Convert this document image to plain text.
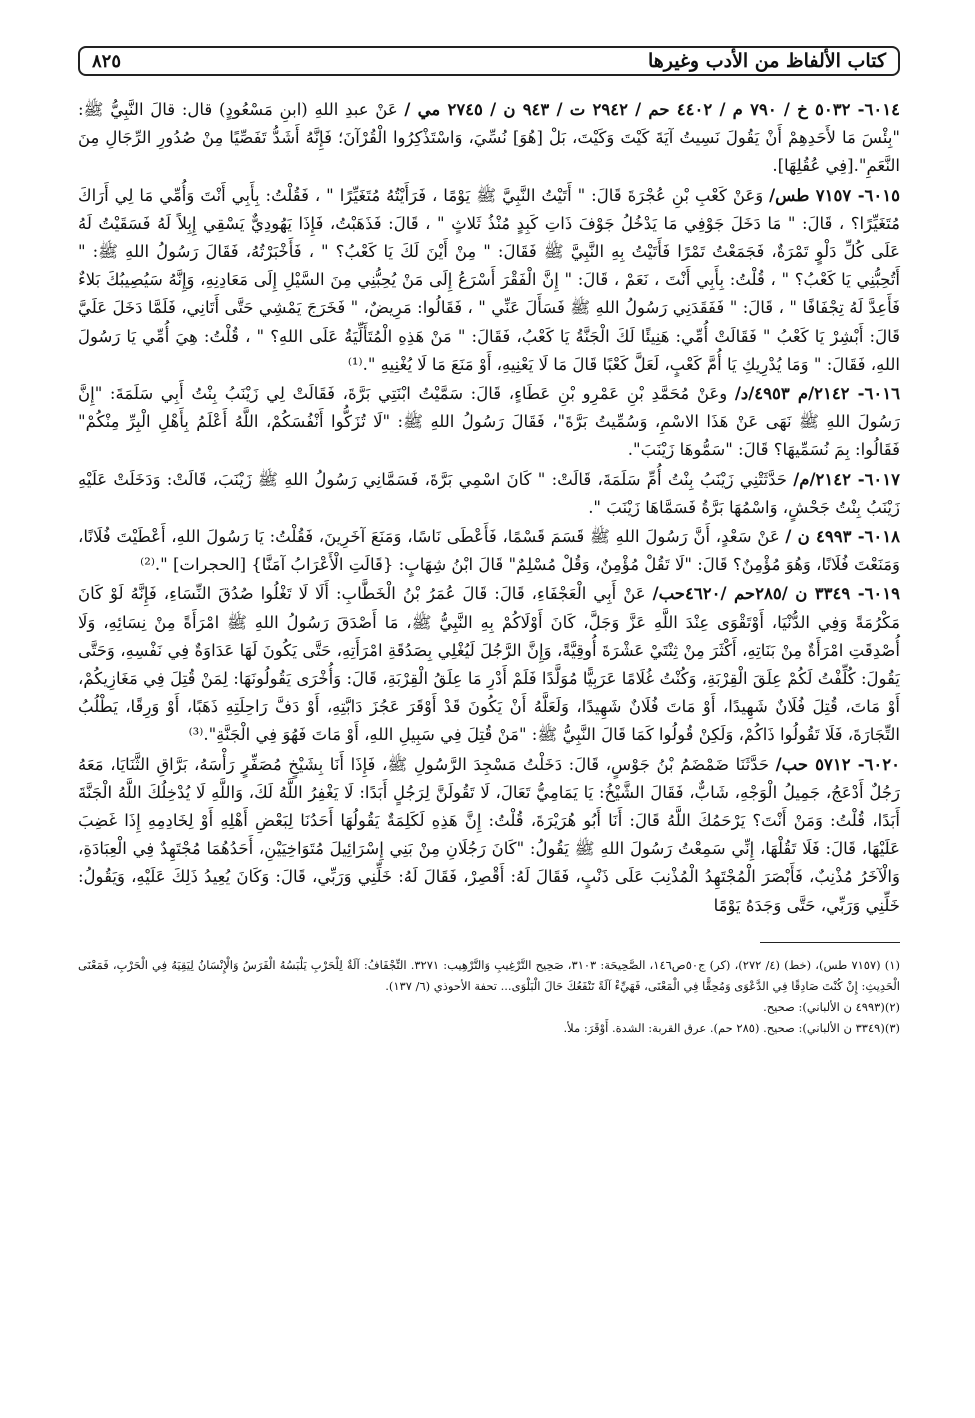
كتاب الألفاظ من الأدب وغيرها
٨٢٥

٦٠١٤- ٥٠٣٢ خ / ٧٩٠ م / ٤٤٠٢ حم / ٢٩٤٢ ت / ٩٤٣ ن / ٢٧٤٥ مي / عَنْ عبدِ اللهِ (ابنِ مَسْعُودٍ) قال: قالَ النَّبِيُّ ﷺ: "بِئْسَ مَا لأَحَدِهِمْ أَنْ يَقُولَ نَسِيتُ آيَةَ كَيْتَ وَكَيْتَ، بَلْ [هُوَ] نُسِّيَ، وَاسْتَذْكِرُوا الْقُرْآنَ؛ فَإِنَّهُ أَشَدُّ تَفَصِّيًا مِنْ صُدُورِ الرِّجَالِ مِنَ النَّعَمِ".[فِي عُقُلِهَا].

٦٠١٥- ٧١٥٧ طس/ وَعَنْ كَعْبِ بْنِ عُجْرَةَ قَالَ: " أَتَيْتُ النَّبِيَّ ﷺ يَوْمًا ، فَرَأَيْتُهُ مُتَغَيِّرًا " ، فَقُلْتُ: بِأَبِي أَنْتَ وَأُمِّي مَا لِي أَرَاكَ مُتَغَيِّرًا؟ ، قَالَ: " مَا دَخَلَ جَوْفِي مَا يَدْخُلُ جَوْفَ ذَاتِ كَبِدٍ مُنْذُ ثَلاثٍ " ، قَالَ: فَذَهَبْتُ، فَإِذَا يَهُودِيٌّ يَسْقِي إِبِلاً لَهُ فَسَقَيْتُ لَهُ عَلَى كُلِّ دَلْوٍ تَمْرَةٌ، فَجَمَعْتُ تَمْرًا فَأَتَيْتُ بِهِ النَّبِيَّ ﷺ فَقَالَ: " مِنْ أَيْنَ لَكَ يَا كَعْبُ؟ " ، فَأَخْبَرْتُهُ، فَقَالَ رَسُولُ اللهِ ﷺ: " أَتُحِبُّنِي يَا كَعْبُ؟ " ، قُلْتُ: بِأَبِي أَنْتَ ، نَعَمْ ، قَالَ: " إِنَّ الْفَقْرَ أَسْرَعُ إِلَى مَنْ يُحِبُّنِي مِنَ السَّيْلِ إِلَى مَعَادِنِهِ، وَإِنَّهُ سَيُصِيبُكَ بَلاءٌ فَأَعِدَّ لَهُ تِجْفَافًا " ، قَالَ: " فَفَقَدَنِي رَسُولُ اللهِ ﷺ فَسَأَلَ عَنِّي " ، فَقَالُوا: مَرِيضٌ، " فَخَرَجَ يَمْشِي حَتَّى أَتَانِي، فَلَمَّا دَخَلَ عَلَيَّ قَالَ: أَبْشِرْ يَا كَعْبُ " فَقَالَتْ أُمِّي: هَنِيئًا لَكَ الْجَنَّةُ يَا كَعْبُ، فَقَالَ: " مَنْ هَذِهِ الْمُتَأَلِّيَةُ عَلَى اللهِ؟ " ، قُلْتُ: هِيَ أُمِّي يَا رَسُولَ اللهِ، فَقَالَ: " وَمَا يُدْرِيكِ يَا أُمَّ كَعْبٍ، لَعَلَّ كَعْبًا قَالَ مَا لَا يَعْنِيهِ، أَوْ مَنَعَ مَا لَا يُغْنِيهِ ".⁽¹⁾

٦٠١٦- ٢١٤٢/م ٤٩٥٣/د/ وعَنْ مُحَمَّدِ بْنِ عَمْرِو بْنِ عَطَاءٍ، قَالَ: سَمَّيْتُ ابْنَتِي بَرَّةَ، فَقَالَتْ لِي زَيْنَبُ بِنْتُ أَبِي سَلَمَةَ: "إِنَّ رَسُولَ اللهِ ﷺ نَهَى عَنْ هَذَا الاسْمِ، وَسُمِّيتُ بَرَّةَ"، فَقَالَ رَسُولُ اللهِ ﷺ: "لَا تُزَكُّوا أَنْفُسَكُمْ، اللَّهُ أَعْلَمُ بِأَهْلِ الْبِرِّ مِنْكُمْ" فَقَالُوا: بِمَ نُسَمِّيهَا؟ قَالَ: "سَمُّوهَا زَيْنَبَ".

٦٠١٧- ٢١٤٢/م/ حَدَّثَتْنِي زَيْنَبُ بِنْتُ أُمِّ سَلَمَةَ، قَالَتْ: " كَانَ اسْمِي بَرَّةَ، فَسَمَّانِي رَسُولُ اللهِ ﷺ زَيْنَبَ، قَالَتْ: وَدَخَلَتْ عَلَيْهِ زَيْنَبُ بِنْتُ جَحْشٍ، وَاسْمُهَا بَرَّةُ فَسَمَّاهَا زَيْنَبَ ".

٦٠١٨- ٤٩٩٣ ن / عَنْ سَعْدٍ، أَنَّ رَسُولَ اللهِ ﷺ قَسَمَ قَسْمًا، فَأَعْطَى نَاسًا، وَمَنَعَ آخَرِينَ، فَقُلْتُ: يَا رَسُولَ اللهِ، أَعْطَيْتَ فُلَانًا، وَمَنَعْتَ فُلَانًا، وَهُوَ مُؤْمِنٌ؟ قَالَ: "لَا تَقُلْ مُؤْمِنٌ، وَقُلْ مُسْلِمٌ" قَالَ ابْنُ شِهَابٍ: {قَالَتِ الْأَعْرَابُ آمَنَّا} [الحجرات] ".⁽²⁾

٦٠١٩- ٣٣٤٩ ن /٢٨٥حم /٤٦٢٠حب/ عَنْ أَبِي الْعَجْفَاءِ، قَالَ: قَالَ عُمَرُ بْنُ الْخَطَّابِ: أَلَا لَا تَغْلُوا صُدُقَ النِّسَاءِ، فَإِنَّهُ لَوْ كَانَ مَكْرُمَةً وَفِي الدُّنْيَا، أَوْتَقْوَى عِنْدَ اللَّهِ عَزَّ وَجَلَّ، كَانَ أَوْلَاكُمْ بِهِ النَّبِيُّ ﷺ، مَا أَصْدَقَ رَسُولُ اللهِ ﷺ امْرَأَةً مِنْ نِسَائِهِ، وَلَا أُصْدِقَتِ امْرَأَةٌ مِنْ بَنَاتِهِ، أَكْثَرَ مِنْ ثِنْتَيْ عَشْرَةَ أُوقِيَّةً، وَإِنَّ الرَّجُلَ لَيُغْلِي بِصَدُقَةِ امْرَأَتِهِ، حَتَّى يَكُونَ لَهَا عَدَاوَةٌ فِي نَفْسِهِ، وَحَتَّى يَقُولَ: كُلِّفْتُ لَكُمْ عِلَقَ الْقِرْبَةِ، وَكُنْتُ غُلَامًا عَرَبِيًّا مُوَلَّدًا فَلَمْ أَدْرِ مَا عِلَقُ الْقِرْبَةِ، قَالَ: وَأُخْرَى يَقُولُونَهَا: لِمَنْ قُتِلَ فِي مَغَازِيكُمْ، أَوْ مَاتَ، قُتِلَ فُلَانٌ شَهِيدًا، أَوْ مَاتَ فُلَانٌ شَهِيدًا، وَلَعَلَّهُ أَنْ يَكُونَ قَدْ أَوْقَرَ عَجُزَ دَابَّتِهِ، أَوْ دَفَّ رَاحِلَتِهِ ذَهَبًا، أَوْ وَرِقًا، يَطْلُبُ التِّجَارَةَ، فَلَا تَقُولُوا ذَاكُمْ، وَلَكِنْ قُولُوا كَمَا قَالَ النَّبِيُّ ﷺ: "مَنْ قُتِلَ فِي سَبِيلِ اللهِ، أَوْ مَاتَ فَهُوَ فِي الْجَنَّةِ".⁽³⁾

٦٠٢٠- ٥٧١٢ حب/ حَدَّثَنَا ضَمْضَمُ بْنُ جَوْسٍ، قَالَ: دَخَلْتُ مَسْجِدَ الرَّسُولِ ﷺ، فَإِذَا أَنَا بِشَيْخٍ مُصَفِّرٍ رَأْسَهُ، بَرَّاقِ الثَّنَايَا، مَعَهُ رَجُلٌ أَدْعَجُ، جَمِيلُ الْوَجْهِ، شَابٌّ، فَقَالَ الشَّيْخُ: يَا يَمَامِيُّ تَعَالَ، لَا تَقُولَنَّ لِرَجُلٍ أَبَدًا: لَا يَغْفِرُ اللَّهُ لَكَ، وَاللَّهِ لَا يُدْخِلُكَ اللَّهُ الْجَنَّةَ أَبَدًا، قُلْتُ: وَمَنْ أَنْتَ؟ يَرْحَمُكَ اللَّهُ قَالَ: أَنَا أَبُو هُرَيْرَةَ، قُلْتُ: إِنَّ هَذِهِ لَكَلِمَةٌ يَقُولُهَا أَحَدُنَا لِبَعْضِ أَهْلِهِ أَوْ لِخَادِمِهِ إِذَا غَضِبَ عَلَيْهَا، قَالَ: فَلَا تَقُلْهَا، إِنِّي سَمِعْتُ رَسُولَ اللهِ ﷺ يَقُولُ: "كَانَ رَجُلَانِ مِنْ بَنِي إِسْرَائِيلَ مُتَوَاخِيَيْنِ، أَحَدُهُمَا مُجْتَهِدٌ فِي الْعِبَادَةِ، وَالْآخَرُ مُذْنِبٌ، فَأَبْصَرَ الْمُجْتَهِدُ الْمُذْنِبَ عَلَى ذَنْبٍ، فَقَالَ لَهُ: أَقْصِرْ، فَقَالَ لَهُ: خَلِّنِي وَرَبِّي، قَالَ: وَكَانَ يُعِيدُ ذَلِكَ عَلَيْهِ، وَيَقُولُ: خَلِّنِي وَرَبِّي، حَتَّى وَجَدَهُ يَوْمًا

(١) (٧١٥٧ طس)، (خط) (٤/ ٢٧٢)، (كر) ج٥٠ص١٤٦، الصَّحِيحَة: ٣١٠٣، صَحِيح التَّرْغِيبِ وَالتَّرْهِيب: ٣٢٧١. التِّجْفَافُ: آلَةٌ لِلْحَرْبِ يَلْبَسُهُ الْفَرَسُ وَالْإِنْسَانُ لِيَقِيَهُ فِي الْحَرْبِ، فَمَعْنَى الْحَدِيثِ: إِنْ كُنْتَ صَادِقًا فِي الدَّعْوَى وَمُحِقًّا فِي الْمَعْنَى، فَهَيِّءْ آلَةً تَنْفَعُكَ حَالَ الْبَلْوَى... تحفة الأحوذي (٦/ ١٣٧).

(٢)(٤٩٩٣ ن الألباني): صحيح.

(٣)(٣٣٤٩ ن الألباني): صحيح. (٢٨٥ حم). عرق القربة: الشدة. أَوْقَرَ: ملأ.
